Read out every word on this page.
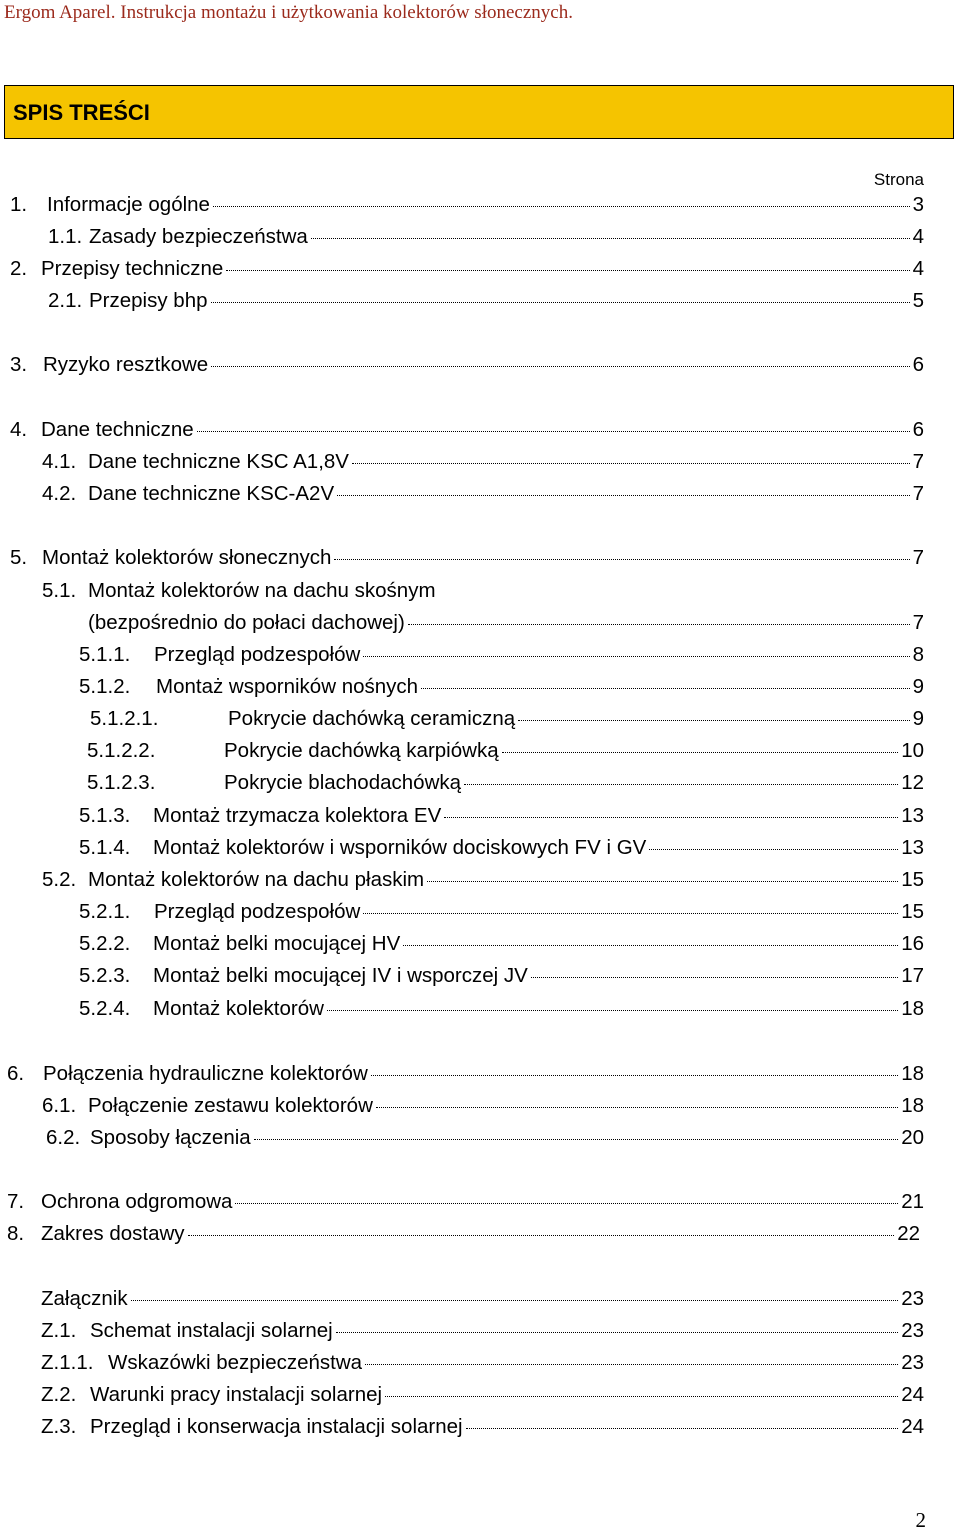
Ergom Aparel. Instrukcja montażu i użytkowania kolektorów słonecznych.
SPIS TREŚCI
Strona
1. Informacje ogólne	3
1.1. Zasady bezpieczeństwa	4
2. Przepisy techniczne	4
2.1. Przepisy bhp	5
3. Ryzyko resztkowe	6
4. Dane techniczne	6
4.1. Dane techniczne KSC A1,8V	7
4.2. Dane techniczne KSC-A2V	7
5. Montaż kolektorów słonecznych	7
5.1. Montaż kolektorów na dachu skośnym
(bezpośrednio do połaci dachowej)	7
5.1.1.	Przegląd podzespołów	8
5.1.2.	Montaż wsporników nośnych	9
5.1.2.1.	Pokrycie dachówką ceramiczną	9
5.1.2.2.	Pokrycie dachówką karpiówką	10
5.1.2.3.	Pokrycie blachodachówką	12
5.1.3.	Montaż trzymacza kolektora EV	13
5.1.4.	Montaż kolektorów i wsporników dociskowych FV i GV	13
5.2. Montaż kolektorów na dachu płaskim	15
5.2.1.	Przegląd podzespołów	15
5.2.2.	Montaż belki mocującej HV	16
5.2.3.	Montaż belki mocującej IV i wsporczej JV	17
5.2.4.	Montaż kolektorów	18
6. Połączenia hydrauliczne kolektorów	18
6.1. Połączenie zestawu kolektorów	18
6.2. Sposoby łączenia	20
7. Ochrona odgromowa	21
8. Zakres dostawy	22
Załącznik	23
Z.1. Schemat instalacji solarnej	23
Z.1.1. Wskazówki bezpieczeństwa	23
Z.2. Warunki pracy instalacji solarnej	24
Z.3. Przegląd i konserwacja instalacji solarnej	24
2
